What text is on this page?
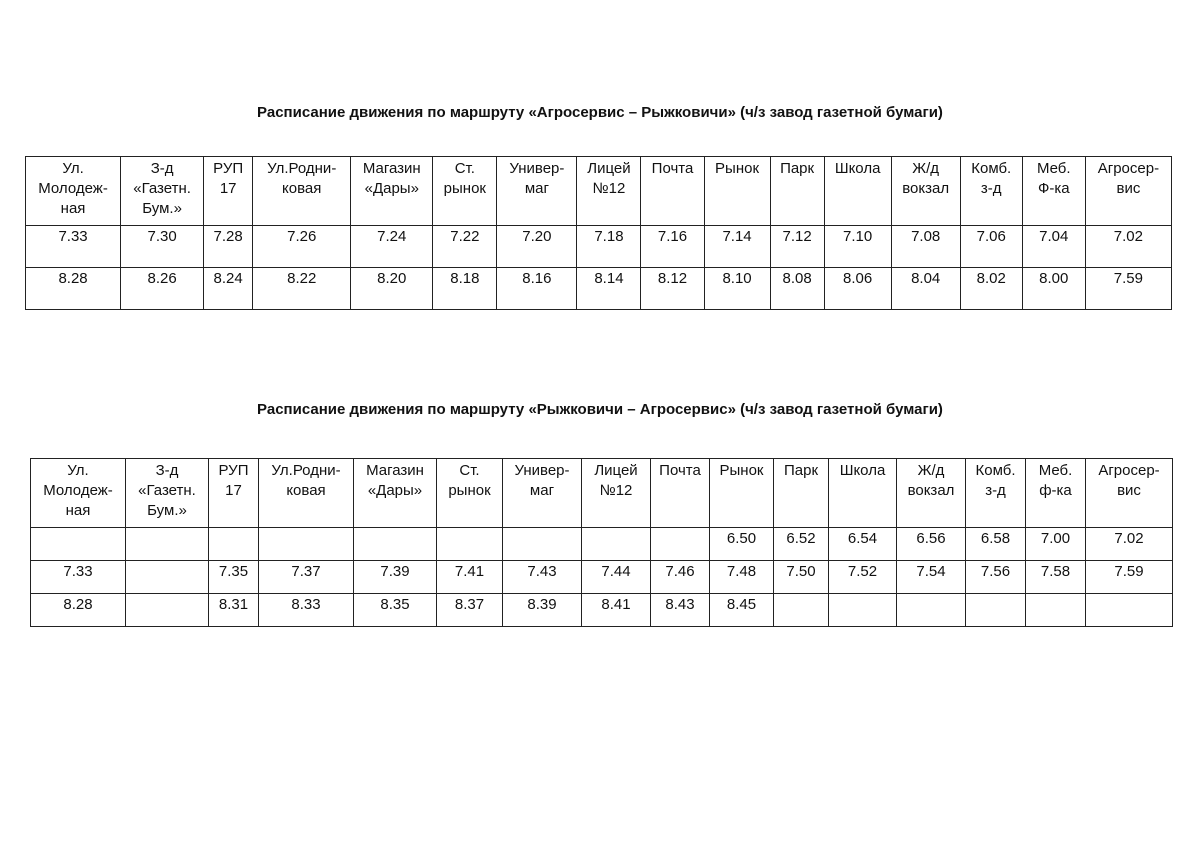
Расписание движения по маршруту «Агросервис – Рыжковичи» (ч/з завод газетной бумаги)
Ул.
Молодеж-
ная	З-д
«Газетн.
Бум.»	РУП
17	Ул.Родни-
ковая	Магазин
«Дары»	Ст.
рынок	Универ-
маг	Лицей
№12	Почта	Рынок	Парк	Школа	Ж/д
вокзал	Комб.
з-д	Меб.
Ф-ка	Агросер-
вис
7.33	7.30	7.28	7.26	7.24	7.22	7.20	7.18	7.16	7.14	7.12	7.10	7.08	7.06	7.04	7.02
8.28	8.26	8.24	8.22	8.20	8.18	8.16	8.14	8.12	8.10	8.08	8.06	8.04	8.02	8.00	7.59
Расписание движения по маршруту «Рыжковичи – Агросервис» (ч/з завод газетной бумаги)
Ул.
Молодеж-
ная	З-д
«Газетн.
Бум.»	РУП
17	Ул.Родни-
ковая	Магазин
«Дары»	Ст.
рынок	Универ-
маг	Лицей
№12	Почта	Рынок	Парк	Школа	Ж/д
вокзал	Комб.
з-д	Меб.
ф-ка	Агросер-
вис
									6.50	6.52	6.54	6.56	6.58	7.00	7.02
7.33		7.35	7.37	7.39	7.41	7.43	7.44	7.46	7.48	7.50	7.52	7.54	7.56	7.58	7.59
8.28		8.31	8.33	8.35	8.37	8.39	8.41	8.43	8.45						
